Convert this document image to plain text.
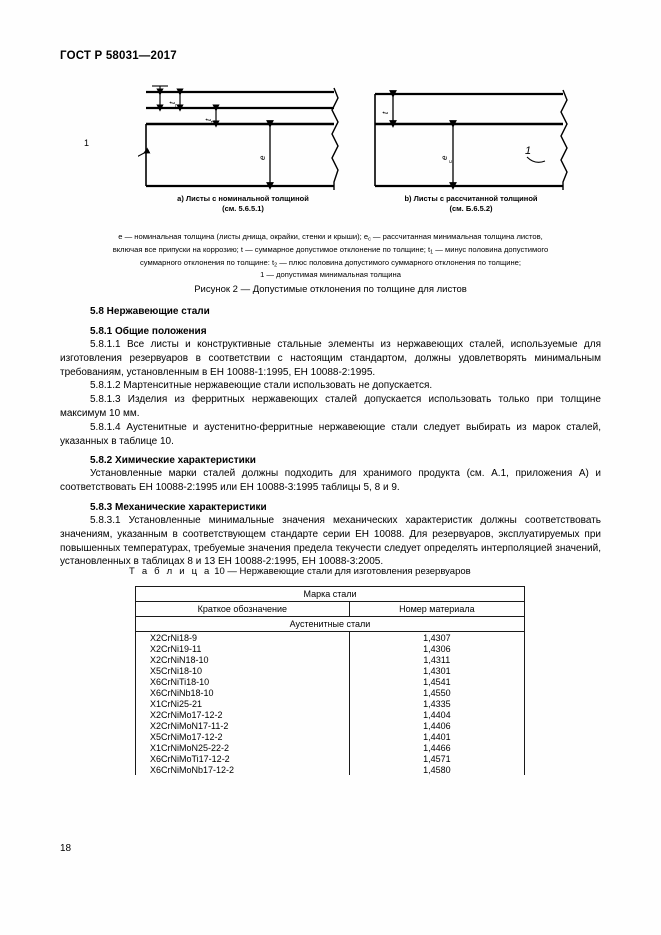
ГОСТ Р 58031—2017
t
2
t
1
e
1
t
e
c
1
a) Листы с номинальной толщиной
(см. 5.6.5.1)
b) Листы с рассчитанной толщиной
(см. Б.6.5.2)
e — номинальная толщина (листы днища, окрайки, стенки и крыши); $e_c$ — рассчитанная минимальная толщина листов,
включая все припуски на коррозию; t — суммарное допустимое отклонение по толщине; $t_1$ — минус половина допустимого
суммарного отклонения по толщине: $t_2$ — плюс половина допустимого суммарного отклонения по толщине;
1 — допустимая минимальная толщина
Рисунок 2 — Допустимые отклонения по толщине для листов
5.8 Нержавеющие стали
5.8.1 Общие положения

5.8.1.1 Все листы и конструктивные стальные элементы из нержавеющих сталей, используемые для изготовления резервуаров в соответствии с настоящим стандартом, должны удовлетворять минимальным требованиям, установленным в ЕН 10088-1:1995, ЕН 10088-2:1995.

5.8.1.2 Мартенситные нержавеющие стали использовать не допускается.

5.8.1.3 Изделия из ферритных нержавеющих сталей допускается использовать только при толщине максимум 10 мм.

5.8.1.4 Аустенитные и аустенитно-ферритные нержавеющие стали следует выбирать из марок сталей, указанных в таблице 10.

5.8.2 Химические характеристики

Установленные марки сталей должны подходить для хранимого продукта (см. А.1, приложения А) и соответствовать ЕН 10088-2:1995 или ЕН 10088-3:1995 таблицы 5, 8 и 9.

5.8.3 Механические характеристики

5.8.3.1 Установленные минимальные значения механических характеристик должны соответствовать значениям, указанным в соответствующем стандарте серии ЕН 10088. Для резервуаров, эксплуатируемых при повышенных температурах, требуемые значения предела текучести следует определять интерполяцией значений, установленных в таблицах 8 и 13 ЕН 10088-2:1995, ЕН 10088-3:2005.

Т а б л и ц а 10 — Нержавеющие стали для изготовления резервуаров
Марка стали	
Краткое обозначение	Номер материала
Аустенитные стали	
X2CrNi18-9	1,4307
X2CrNi19-11	1,4306
X2CrNiN18-10	1,4311
X5CrNi18-10	1,4301
X6CrNiTi18-10	1,4541
X6CrNiNb18-10	1,4550
X1CrNi25-21	1,4335
X2CrNiMo17-12-2	1,4404
X2CrNiMoN17-11-2	1,4406
X5CrNiMo17-12-2	1,4401
X1CrNiMoN25-22-2	1,4466
X6CrNiMoTi17-12-2	1,4571
X6CrNiMoNb17-12-2	1,4580
18
